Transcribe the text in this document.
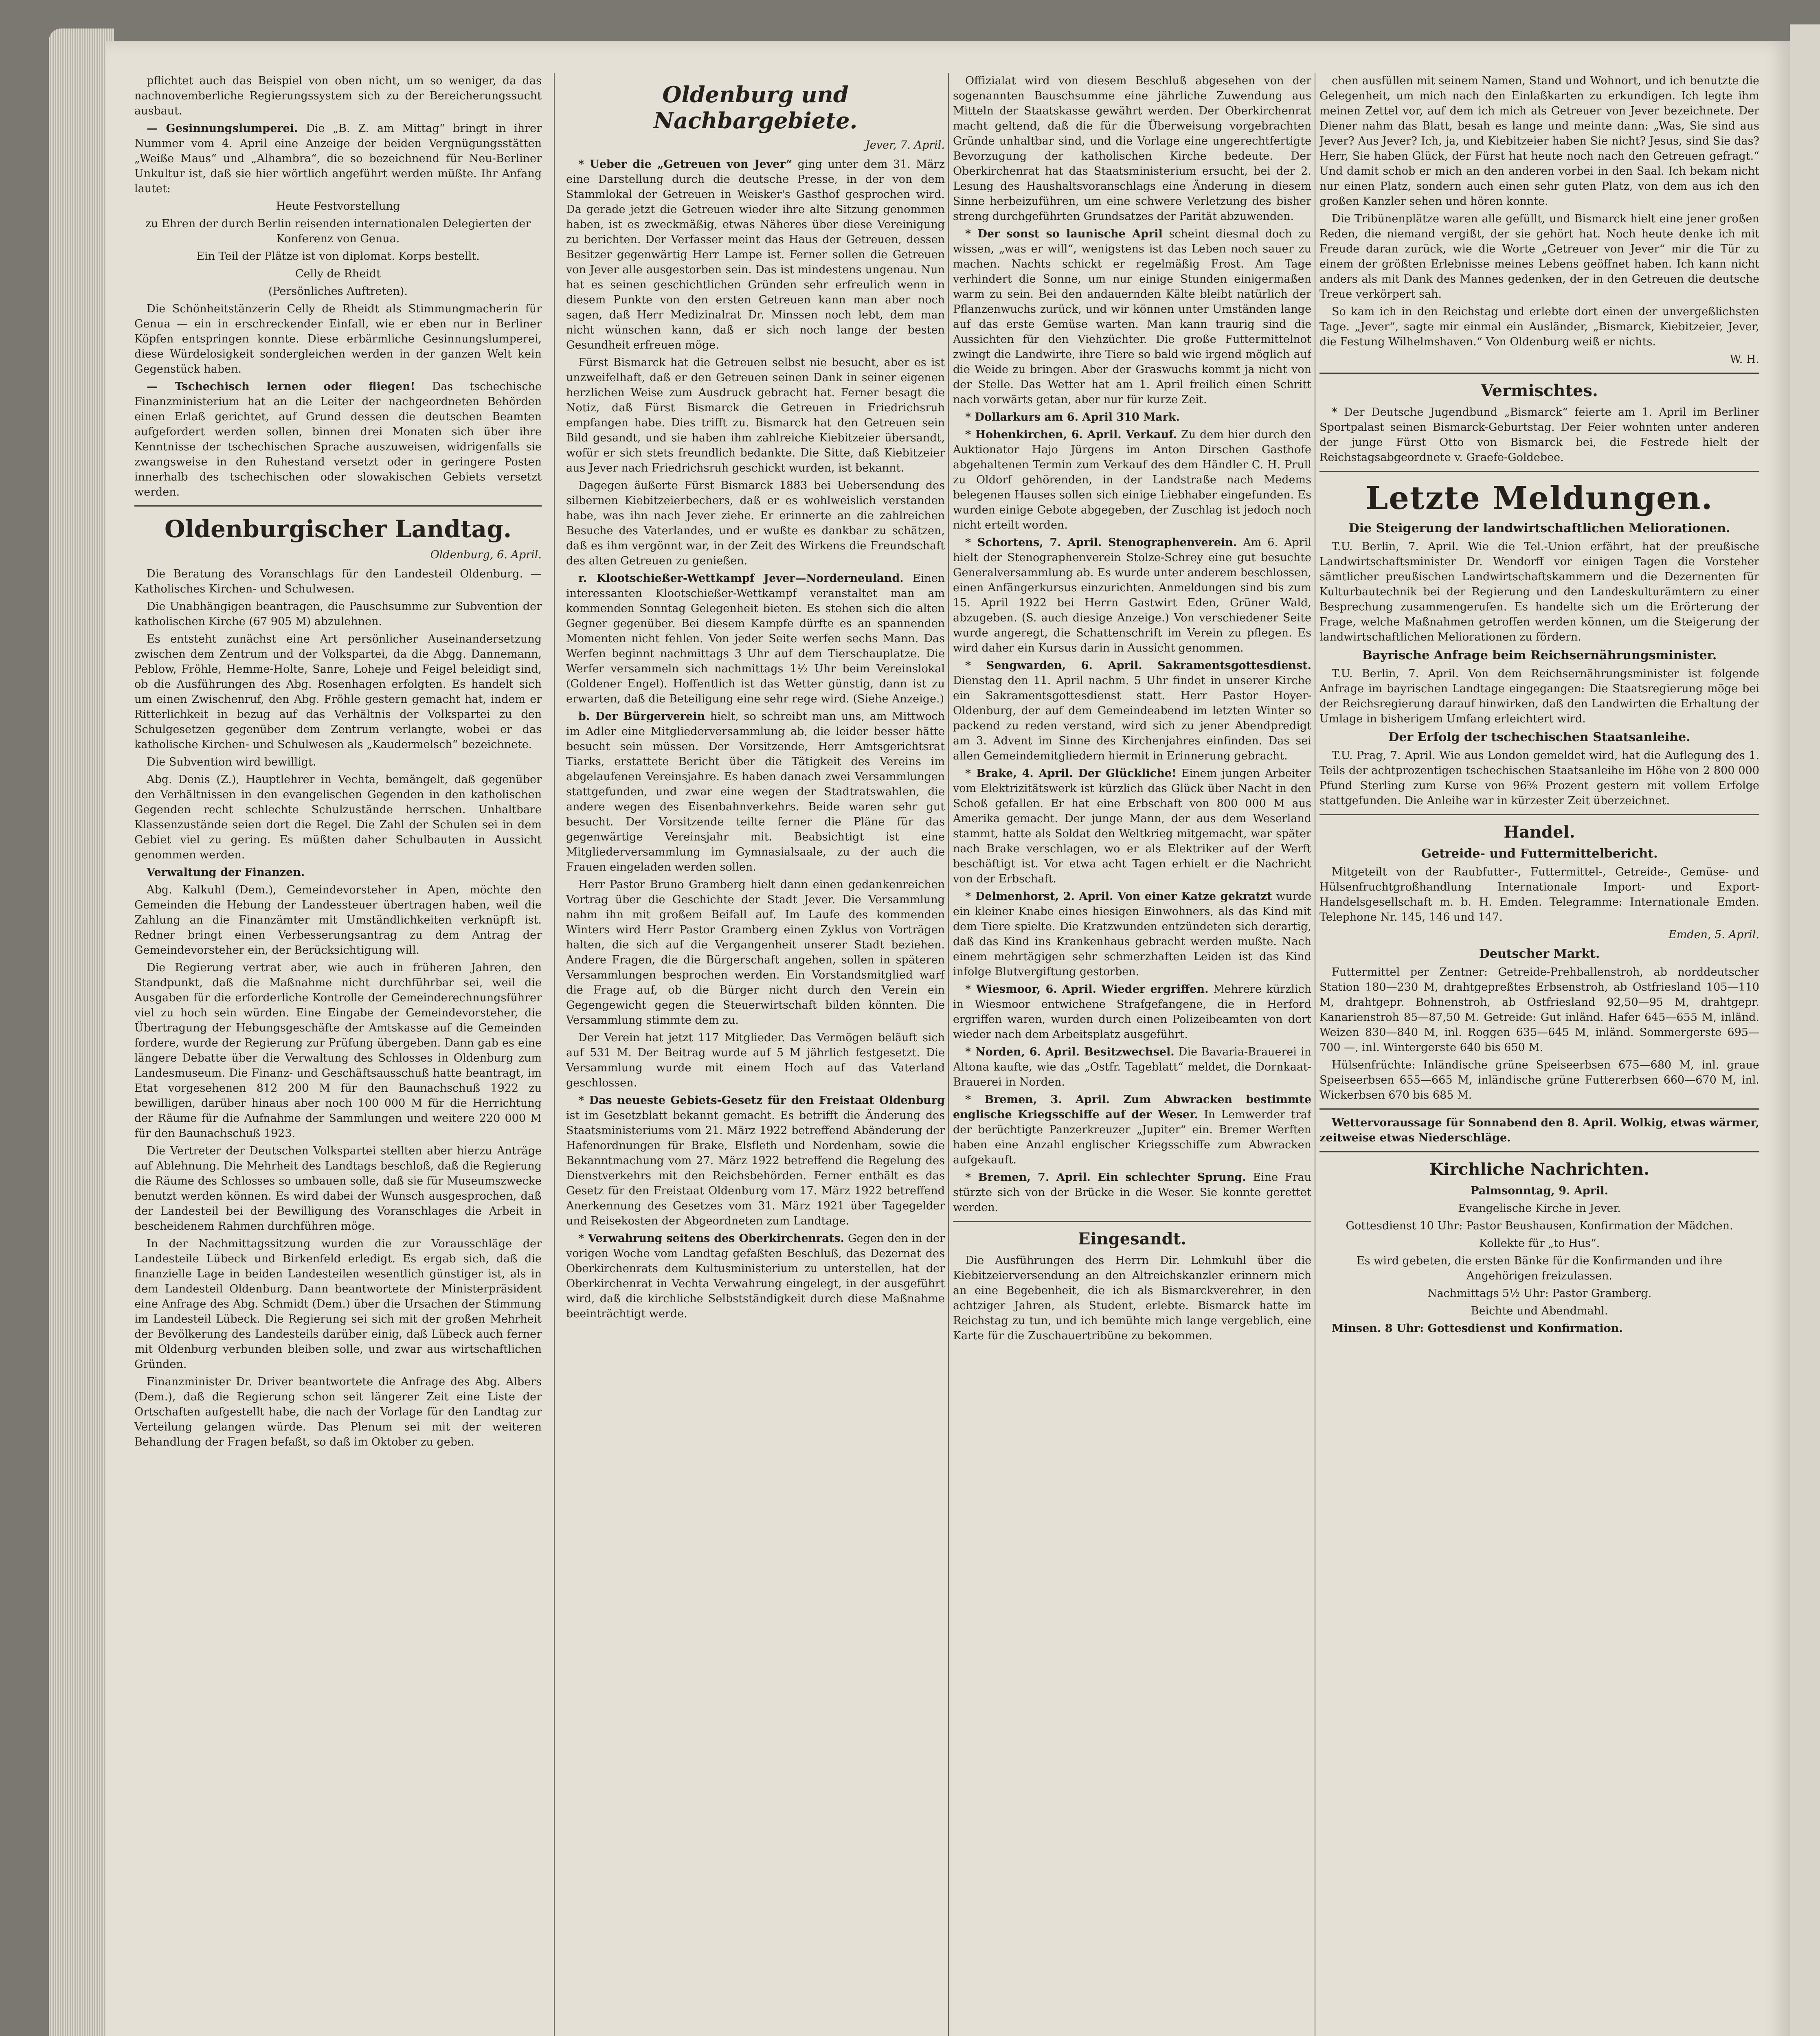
pflichtet auch das Beispiel von oben nicht, um so weniger, da das nachnovemberliche Regierungssystem sich zu der Bereicherungssucht ausbaut.

— Gesinnungslumperei. Die „B. Z. am Mittag“ bringt in ihrer Nummer vom 4. April eine Anzeige der beiden Vergnügungsstätten „Weiße Maus“ und „Alhambra“, die so bezeichnend für Neu-Berliner Unkultur ist, daß sie hier wörtlich angeführt werden müßte. Ihr Anfang lautet:

Heute Festvorstellung

zu Ehren der durch Berlin reisenden internationalen Delegierten der Konferenz von Genua.

Ein Teil der Plätze ist von diplomat. Korps bestellt.

Celly de Rheidt

(Persönliches Auftreten).

Die Schönheitstänzerin Celly de Rheidt als Stimmungmacherin für Genua — ein in erschreckender Einfall, wie er eben nur in Berliner Köpfen entspringen konnte. Diese erbärmliche Gesinnungslumperei, diese Würdelosigkeit sondergleichen werden in der ganzen Welt kein Gegenstück haben.

— Tschechisch lernen oder fliegen! Das tschechische Finanzministerium hat an die Leiter der nachgeordneten Behörden einen Erlaß gerichtet, auf Grund dessen die deutschen Beamten aufgefordert werden sollen, binnen drei Monaten sich über ihre Kenntnisse der tschechischen Sprache auszuweisen, widrigenfalls sie zwangsweise in den Ruhestand versetzt oder in geringere Posten innerhalb des tschechischen oder slowakischen Gebiets versetzt werden.

Oldenburgischer Landtag.
Oldenburg, 6. April.

Die Beratung des Voranschlags für den Landesteil Oldenburg. — Katholisches Kirchen- und Schulwesen.

Die Unabhängigen beantragen, die Pauschsumme zur Subvention der katholischen Kirche (67 905 M) abzulehnen.

Es entsteht zunächst eine Art persönlicher Auseinandersetzung zwischen dem Zentrum und der Volkspartei, da die Abgg. Dannemann, Peblow, Fröhle, Hemme-Holte, Sanre, Loheje und Feigel beleidigt sind, ob die Ausführungen des Abg. Rosenhagen erfolgten. Es handelt sich um einen Zwischenruf, den Abg. Fröhle gestern gemacht hat, indem er Ritterlichkeit in bezug auf das Verhältnis der Volkspartei zu den Schulgesetzen gegenüber dem Zentrum verlangte, wobei er das katholische Kirchen- und Schulwesen als „Kaudermelsch“ bezeichnete.

Die Subvention wird bewilligt.

Abg. Denis (Z.), Hauptlehrer in Vechta, bemängelt, daß gegenüber den Verhältnissen in den evangelischen Gegenden in den katholischen Gegenden recht schlechte Schulzustände herrschen. Unhaltbare Klassenzustände seien dort die Regel. Die Zahl der Schulen sei in dem Gebiet viel zu gering. Es müßten daher Schulbauten in Aussicht genommen werden.

Verwaltung der Finanzen.

Abg. Kalkuhl (Dem.), Gemeindevorsteher in Apen, möchte den Gemeinden die Hebung der Landessteuer übertragen haben, weil die Zahlung an die Finanzämter mit Umständlichkeiten verknüpft ist. Redner bringt einen Verbesserungsantrag zu dem Antrag der Gemeindevorsteher ein, der Berücksichtigung will.

Die Regierung vertrat aber, wie auch in früheren Jahren, den Standpunkt, daß die Maßnahme nicht durchführbar sei, weil die Ausgaben für die erforderliche Kontrolle der Gemeinderechnungsführer viel zu hoch sein würden. Eine Eingabe der Gemeindevorsteher, die Übertragung der Hebungsgeschäfte der Amtskasse auf die Gemeinden fordere, wurde der Regierung zur Prüfung übergeben. Dann gab es eine längere Debatte über die Verwaltung des Schlosses in Oldenburg zum Landesmuseum. Die Finanz- und Geschäftsausschuß hatte beantragt, im Etat vorgesehenen 812 200 M für den Baunachschuß 1922 zu bewilligen, darüber hinaus aber noch 100 000 M für die Herrichtung der Räume für die Aufnahme der Sammlungen und weitere 220 000 M für den Baunachschuß 1923.

Die Vertreter der Deutschen Volkspartei stellten aber hierzu Anträge auf Ablehnung. Die Mehrheit des Landtags beschloß, daß die Regierung die Räume des Schlosses so umbauen solle, daß sie für Museumszwecke benutzt werden können. Es wird dabei der Wunsch ausgesprochen, daß der Landesteil bei der Bewilligung des Voranschlages die Arbeit in bescheidenem Rahmen durchführen möge.

In der Nachmittagssitzung wurden die zur Vorausschläge der Landesteile Lübeck und Birkenfeld erledigt. Es ergab sich, daß die finanzielle Lage in beiden Landesteilen wesentlich günstiger ist, als in dem Landesteil Oldenburg. Dann beantwortete der Ministerpräsident eine Anfrage des Abg. Schmidt (Dem.) über die Ursachen der Stimmung im Landesteil Lübeck. Die Regierung sei sich mit der großen Mehrheit der Bevölkerung des Landesteils darüber einig, daß Lübeck auch ferner mit Oldenburg verbunden bleiben solle, und zwar aus wirtschaftlichen Gründen.

Finanzminister Dr. Driver beantwortete die Anfrage des Abg. Albers (Dem.), daß die Regierung schon seit längerer Zeit eine Liste der Ortschaften aufgestellt habe, die nach der Vorlage für den Landtag zur Verteilung gelangen würde. Das Plenum sei mit der weiteren Behandlung der Fragen befaßt, so daß im Oktober zu geben.

Oldenburg und Nachbargebiete.
Jever, 7. April.

* Ueber die „Getreuen von Jever“ ging unter dem 31. März eine Darstellung durch die deutsche Presse, in der von dem Stammlokal der Getreuen in Weisker's Gasthof gesprochen wird. Da gerade jetzt die Getreuen wieder ihre alte Sitzung genommen haben, ist es zweckmäßig, etwas Näheres über diese Vereinigung zu berichten. Der Verfasser meint das Haus der Getreuen, dessen Besitzer gegenwärtig Herr Lampe ist. Ferner sollen die Getreuen von Jever alle ausgestorben sein. Das ist mindestens ungenau. Nun hat es seinen geschichtlichen Gründen sehr erfreulich wenn in diesem Punkte von den ersten Getreuen kann man aber noch sagen, daß Herr Medizinalrat Dr. Minssen noch lebt, dem man nicht wünschen kann, daß er sich noch lange der besten Gesundheit erfreuen möge.

Fürst Bismarck hat die Getreuen selbst nie besucht, aber es ist unzweifelhaft, daß er den Getreuen seinen Dank in seiner eigenen herzlichen Weise zum Ausdruck gebracht hat. Ferner besagt die Notiz, daß Fürst Bismarck die Getreuen in Friedrichsruh empfangen habe. Dies trifft zu. Bismarck hat den Getreuen sein Bild gesandt, und sie haben ihm zahlreiche Kiebitzeier übersandt, wofür er sich stets freundlich bedankte. Die Sitte, daß Kiebitzeier aus Jever nach Friedrichsruh geschickt wurden, ist bekannt.

Dagegen äußerte Fürst Bismarck 1883 bei Uebersendung des silbernen Kiebitzeierbechers, daß er es wohlweislich verstanden habe, was ihn nach Jever ziehe. Er erinnerte an die zahlreichen Besuche des Vaterlandes, und er wußte es dankbar zu schätzen, daß es ihm vergönnt war, in der Zeit des Wirkens die Freundschaft des alten Getreuen zu genießen.

r. Klootschießer-Wettkampf Jever—Norderneuland. Einen interessanten Klootschießer-Wettkampf veranstaltet man am kommenden Sonntag Gelegenheit bieten. Es stehen sich die alten Gegner gegenüber. Bei diesem Kampfe dürfte es an spannenden Momenten nicht fehlen. Von jeder Seite werfen sechs Mann. Das Werfen beginnt nachmittags 3 Uhr auf dem Tierschauplatze. Die Werfer versammeln sich nachmittags 1½ Uhr beim Vereinslokal (Goldener Engel). Hoffentlich ist das Wetter günstig, dann ist zu erwarten, daß die Beteiligung eine sehr rege wird. (Siehe Anzeige.)

b. Der Bürgerverein hielt, so schreibt man uns, am Mittwoch im Adler eine Mitgliederversammlung ab, die leider besser hätte besucht sein müssen. Der Vorsitzende, Herr Amtsgerichtsrat Tiarks, erstattete Bericht über die Tätigkeit des Vereins im abgelaufenen Vereinsjahre. Es haben danach zwei Versammlungen stattgefunden, und zwar eine wegen der Stadtratswahlen, die andere wegen des Eisenbahnverkehrs. Beide waren sehr gut besucht. Der Vorsitzende teilte ferner die Pläne für das gegenwärtige Vereinsjahr mit. Beabsichtigt ist eine Mitgliederversammlung im Gymnasialsaale, zu der auch die Frauen eingeladen werden sollen.

Herr Pastor Bruno Gramberg hielt dann einen gedankenreichen Vortrag über die Geschichte der Stadt Jever. Die Versammlung nahm ihn mit großem Beifall auf. Im Laufe des kommenden Winters wird Herr Pastor Gramberg einen Zyklus von Vorträgen halten, die sich auf die Vergangenheit unserer Stadt beziehen. Andere Fragen, die die Bürgerschaft angehen, sollen in späteren Versammlungen besprochen werden. Ein Vorstandsmitglied warf die Frage auf, ob die Bürger nicht durch den Verein ein Gegengewicht gegen die Steuerwirtschaft bilden könnten. Die Versammlung stimmte dem zu.

Der Verein hat jetzt 117 Mitglieder. Das Vermögen beläuft sich auf 531 M. Der Beitrag wurde auf 5 M jährlich festgesetzt. Die Versammlung wurde mit einem Hoch auf das Vaterland geschlossen.

* Das neueste Gebiets-Gesetz für den Freistaat Oldenburg ist im Gesetzblatt bekannt gemacht. Es betrifft die Änderung des Staatsministeriums vom 21. März 1922 betreffend Abänderung der Hafenordnungen für Brake, Elsfleth und Nordenham, sowie die Bekanntmachung vom 27. März 1922 betreffend die Regelung des Dienstverkehrs mit den Reichsbehörden. Ferner enthält es das Gesetz für den Freistaat Oldenburg vom 17. März 1922 betreffend Anerkennung des Gesetzes vom 31. März 1921 über Tagegelder und Reisekosten der Abgeordneten zum Landtage.

* Verwahrung seitens des Oberkirchenrats. Gegen den in der vorigen Woche vom Landtag gefaßten Beschluß, das Dezernat des Oberkirchenrats dem Kultusministerium zu unterstellen, hat der Oberkirchenrat in Vechta Verwahrung eingelegt, in der ausgeführt wird, daß die kirchliche Selbstständigkeit durch diese Maßnahme beeinträchtigt werde.

Offizialat wird von diesem Beschluß abgesehen von der sogenannten Bauschsumme eine jährliche Zuwendung aus Mitteln der Staatskasse gewährt werden. Der Oberkirchenrat macht geltend, daß die für die Überweisung vorgebrachten Gründe unhaltbar sind, und die Vorlage eine ungerechtfertigte Bevorzugung der katholischen Kirche bedeute. Der Oberkirchenrat hat das Staatsministerium ersucht, bei der 2. Lesung des Haushaltsvoranschlags eine Änderung in diesem Sinne herbeizuführen, um eine schwere Verletzung des bisher streng durchgeführten Grundsatzes der Parität abzuwenden.

* Der sonst so launische April scheint diesmal doch zu wissen, „was er will“, wenigstens ist das Leben noch sauer zu machen. Nachts schickt er regelmäßig Frost. Am Tage verhindert die Sonne, um nur einige Stunden einigermaßen warm zu sein. Bei den andauernden Kälte bleibt natürlich der Pflanzenwuchs zurück, und wir können unter Umständen lange auf das erste Gemüse warten. Man kann traurig sind die Aussichten für den Viehzüchter. Die große Futtermittelnot zwingt die Landwirte, ihre Tiere so bald wie irgend möglich auf die Weide zu bringen. Aber der Graswuchs kommt ja nicht von der Stelle. Das Wetter hat am 1. April freilich einen Schritt nach vorwärts getan, aber nur für kurze Zeit.

* Dollarkurs am 6. April 310 Mark.

* Hohenkirchen, 6. April. Verkauf. Zu dem hier durch den Auktionator Hajo Jürgens im Anton Dirschen Gasthofe abgehaltenen Termin zum Verkauf des dem Händler C. H. Prull zu Oldorf gehörenden, in der Landstraße nach Medems belegenen Hauses sollen sich einige Liebhaber eingefunden. Es wurden einige Gebote abgegeben, der Zuschlag ist jedoch noch nicht erteilt worden.

* Schortens, 7. April. Stenographenverein. Am 6. April hielt der Stenographenverein Stolze-Schrey eine gut besuchte Generalversammlung ab. Es wurde unter anderem beschlossen, einen Anfängerkursus einzurichten. Anmeldungen sind bis zum 15. April 1922 bei Herrn Gastwirt Eden, Grüner Wald, abzugeben. (S. auch diesige Anzeige.) Von verschiedener Seite wurde angeregt, die Schattenschrift im Verein zu pflegen. Es wird daher ein Kursus darin in Aussicht genommen.

* Sengwarden, 6. April. Sakramentsgottesdienst. Dienstag den 11. April nachm. 5 Uhr findet in unserer Kirche ein Sakramentsgottesdienst statt. Herr Pastor Hoyer-Oldenburg, der auf dem Gemeindeabend im letzten Winter so packend zu reden verstand, wird sich zu jener Abendpredigt am 3. Advent im Sinne des Kirchenjahres einfinden. Das sei allen Gemeindemitgliedern hiermit in Erinnerung gebracht.

* Brake, 4. April. Der Glückliche! Einem jungen Arbeiter vom Elektrizitätswerk ist kürzlich das Glück über Nacht in den Schoß gefallen. Er hat eine Erbschaft von 800 000 M aus Amerika gemacht. Der junge Mann, der aus dem Weserland stammt, hatte als Soldat den Weltkrieg mitgemacht, war später nach Brake verschlagen, wo er als Elektriker auf der Werft beschäftigt ist. Vor etwa acht Tagen erhielt er die Nachricht von der Erbschaft.

* Delmenhorst, 2. April. Von einer Katze gekratzt wurde ein kleiner Knabe eines hiesigen Einwohners, als das Kind mit dem Tiere spielte. Die Kratzwunden entzündeten sich derartig, daß das Kind ins Krankenhaus gebracht werden mußte. Nach einem mehrtägigen sehr schmerzhaften Leiden ist das Kind infolge Blutvergiftung gestorben.

* Wiesmoor, 6. April. Wieder ergriffen. Mehrere kürzlich in Wiesmoor entwichene Strafgefangene, die in Herford ergriffen waren, wurden durch einen Polizeibeamten von dort wieder nach dem Arbeitsplatz ausgeführt.

* Norden, 6. April. Besitzwechsel. Die Bavaria-Brauerei in Altona kaufte, wie das „Ostfr. Tageblatt“ meldet, die Dornkaat-Brauerei in Norden.

* Bremen, 3. April. Zum Abwracken bestimmte englische Kriegsschiffe auf der Weser. In Lemwerder traf der berüchtigte Panzerkreuzer „Jupiter“ ein. Bremer Werften haben eine Anzahl englischer Kriegsschiffe zum Abwracken aufgekauft.

* Bremen, 7. April. Ein schlechter Sprung. Eine Frau stürzte sich von der Brücke in die Weser. Sie konnte gerettet werden.

Eingesandt.

Die Ausführungen des Herrn Dir. Lehmkuhl über die Kiebitzeierversendung an den Altreichskanzler erinnern mich an eine Begebenheit, die ich als Bismarckverehrer, in den achtziger Jahren, als Student, erlebte. Bismarck hatte im Reichstag zu tun, und ich bemühte mich lange vergeblich, eine Karte für die Zuschauertribüne zu bekommen.

chen ausfüllen mit seinem Namen, Stand und Wohnort, und ich benutzte die Gelegenheit, um mich nach den Einlaßkarten zu erkundigen. Ich legte ihm meinen Zettel vor, auf dem ich mich als Getreuer von Jever bezeichnete. Der Diener nahm das Blatt, besah es lange und meinte dann: „Was, Sie sind aus Jever? Aus Jever? Ich, ja, und Kiebitzeier haben Sie nicht? Jesus, sind Sie das? Herr, Sie haben Glück, der Fürst hat heute noch nach den Getreuen gefragt.“ Und damit schob er mich an den anderen vorbei in den Saal. Ich bekam nicht nur einen Platz, sondern auch einen sehr guten Platz, von dem aus ich den großen Kanzler sehen und hören konnte.

Die Tribünenplätze waren alle gefüllt, und Bismarck hielt eine jener großen Reden, die niemand vergißt, der sie gehört hat. Noch heute denke ich mit Freude daran zurück, wie die Worte „Getreuer von Jever“ mir die Tür zu einem der größten Erlebnisse meines Lebens geöffnet haben. Ich kann nicht anders als mit Dank des Mannes gedenken, der in den Getreuen die deutsche Treue verkörpert sah.

So kam ich in den Reichstag und erlebte dort einen der unvergeßlichsten Tage. „Jever“, sagte mir einmal ein Ausländer, „Bismarck, Kiebitzeier, Jever, die Festung Wilhelmshaven.“ Von Oldenburg weiß er nichts.

W. H.

Vermischtes.

* Der Deutsche Jugendbund „Bismarck“ feierte am 1. April im Berliner Sportpalast seinen Bismarck-Geburtstag. Der Feier wohnten unter anderen der junge Fürst Otto von Bismarck bei, die Festrede hielt der Reichstagsabgeordnete v. Graefe-Goldebee.

Letzte Meldungen.
Die Steigerung der landwirtschaftlichen Meliorationen.

T.U. Berlin, 7. April. Wie die Tel.-Union erfährt, hat der preußische Landwirtschaftsminister Dr. Wendorff vor einigen Tagen die Vorsteher sämtlicher preußischen Landwirtschaftskammern und die Dezernenten für Kulturbautechnik bei der Regierung und den Landeskulturämtern zu einer Besprechung zusammengerufen. Es handelte sich um die Erörterung der Frage, welche Maßnahmen getroffen werden können, um die Steigerung der landwirtschaftlichen Meliorationen zu fördern.

Bayrische Anfrage beim Reichsernährungsminister.

T.U. Berlin, 7. April. Von dem Reichsernährungsminister ist folgende Anfrage im bayrischen Landtage eingegangen: Die Staatsregierung möge bei der Reichsregierung darauf hinwirken, daß den Landwirten die Erhaltung der Umlage in bisherigem Umfang erleichtert wird.

Der Erfolg der tschechischen Staatsanleihe.

T.U. Prag, 7. April. Wie aus London gemeldet wird, hat die Auflegung des 1. Teils der achtprozentigen tschechischen Staatsanleihe im Höhe von 2 800 000 Pfund Sterling zum Kurse von 96⅝ Prozent gestern mit vollem Erfolge stattgefunden. Die Anleihe war in kürzester Zeit überzeichnet.

Handel.
Getreide- und Futtermittelbericht.

Mitgeteilt von der Raubfutter-, Futtermittel-, Getreide-, Gemüse- und Hülsenfruchtgroßhandlung Internationale Import- und Export-Handelsgesellschaft m. b. H. Emden. Telegramme: Internationale Emden. Telephone Nr. 145, 146 und 147.

Emden, 5. April.
Deutscher Markt.

Futtermittel per Zentner: Getreide-Prehballenstroh, ab norddeutscher Station 180—230 M, drahtgepreßtes Erbsenstroh, ab Ostfriesland 105—110 M, drahtgepr. Bohnenstroh, ab Ostfriesland 92,50—95 M, drahtgepr. Kanarienstroh 85—87,50 M. Getreide: Gut inländ. Hafer 645—655 M, inländ. Weizen 830—840 M, inl. Roggen 635—645 M, inländ. Sommergerste 695—700 —, inl. Wintergerste 640 bis 650 M.

Hülsenfrüchte: Inländische grüne Speiseerbsen 675—680 M, inl. graue Speiseerbsen 655—665 M, inländische grüne Futtererbsen 660—670 M, inl. Wickerbsen 670 bis 685 M.

Wettervoraussage für Sonnabend den 8. April. Wolkig, etwas wärmer, zeitweise etwas Niederschläge.

Kirchliche Nachrichten.

Palmsonntag, 9. April.

Evangelische Kirche in Jever.

Gottesdienst 10 Uhr: Pastor Beushausen, Konfirmation der Mädchen.

Kollekte für „to Hus“.

Es wird gebeten, die ersten Bänke für die Konfirmanden und ihre Angehörigen freizulassen.

Nachmittags 5½ Uhr: Pastor Gramberg.

Beichte und Abendmahl.

Minsen. 8 Uhr: Gottesdienst und Konfirmation.
